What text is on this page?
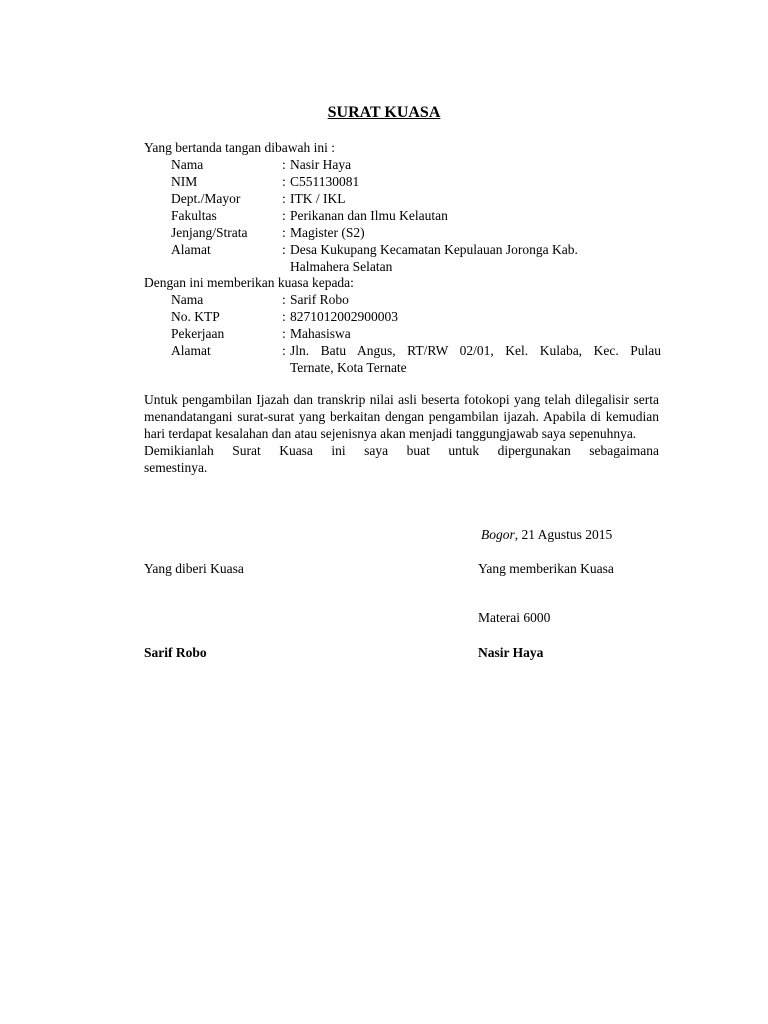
SURAT KUASA
Yang bertanda tangan dibawah ini :
Nama	: Nasir Haya
NIM	: C551130081
Dept./Mayor	: ITK / IKL
Fakultas	: Perikanan dan Ilmu Kelautan
Jenjang/Strata	: Magister (S2)
Alamat	: Desa Kukupang Kecamatan Kepulauan Joronga Kab.
Halmahera Selatan
Dengan ini memberikan kuasa kepada:
Nama	: Sarif Robo
No. KTP	: 8271012002900003
Pekerjaan	: Mahasiswa
Alamat	: Jln. Batu Angus, RT/RW 02/01, Kel. Kulaba, Kec. Pulau
Ternate, Kota Ternate

Untuk pengambilan Ijazah dan transkrip nilai asli beserta fotokopi yang telah dilegalisir serta menandatangani surat-surat yang berkaitan dengan pengambilan ijazah. Apabila di kemudian hari terdapat kesalahan dan atau sejenisnya akan menjadi tanggungjawab saya sepenuhnya.

Demikianlah Surat Kuasa ini saya buat untuk dipergunakan sebagaimana
semestinya.

Bogor, 21 Agustus 2015
Yang diberi Kuasa	Yang memberikan Kuasa
Materai 6000
Sarif Robo	Nasir Haya
